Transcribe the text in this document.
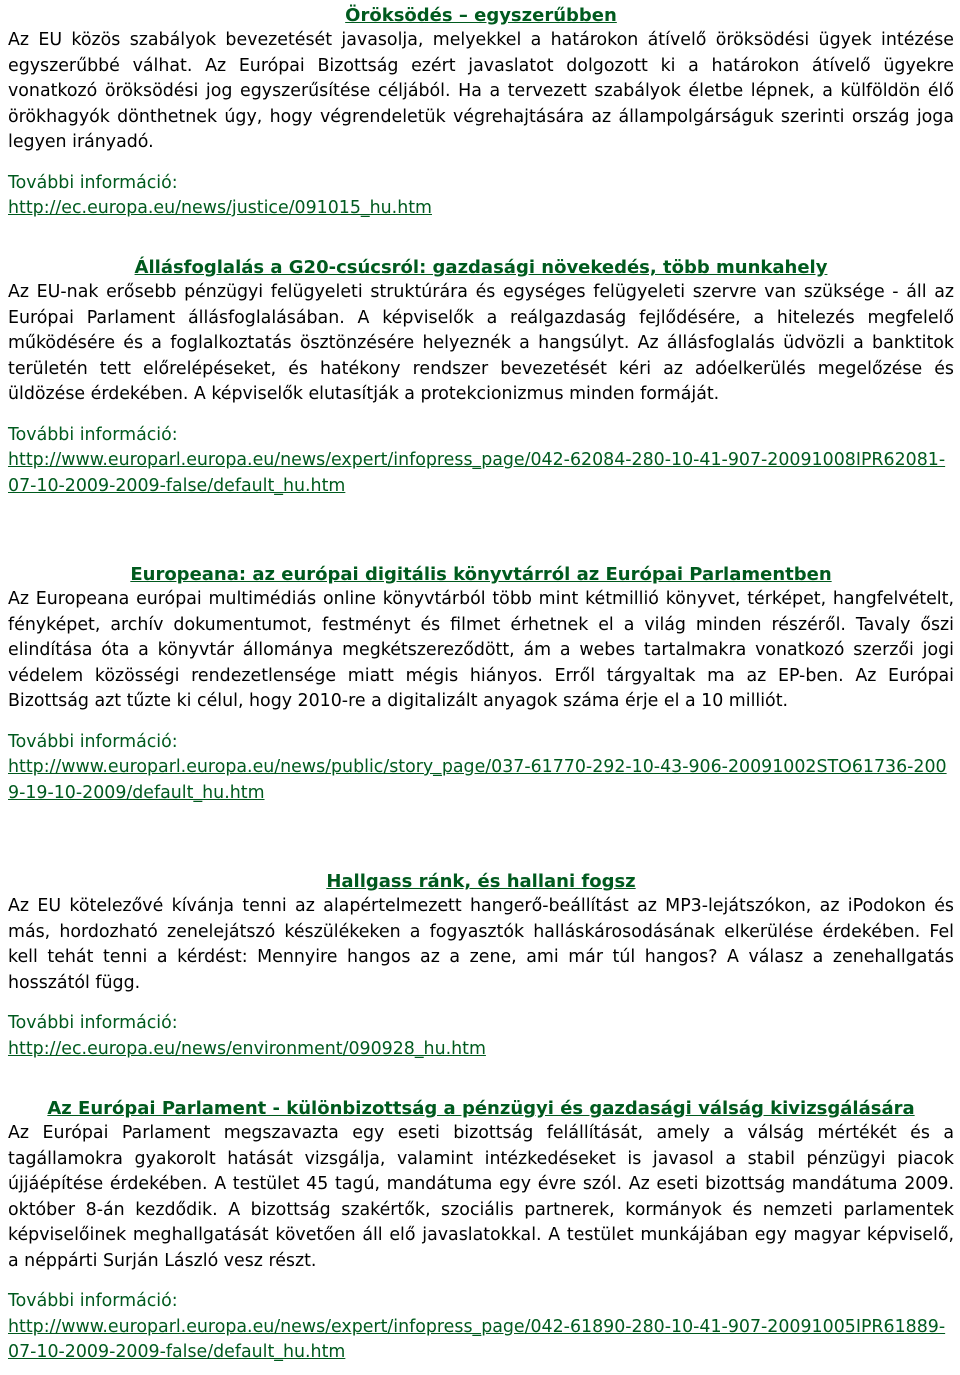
Öröksödés – egyszerűbben
Az EU közös szabályok bevezetését javasolja, melyekkel a határokon átívelő öröksödési ügyek intézése egyszerűbbé válhat. Az Európai Bizottság ezért javaslatot dolgozott ki a határokon átívelő ügyekre vonatkozó öröksödési jog egyszerűsítése céljából. Ha a tervezett szabályok életbe lépnek, a külföldön élő örökhagyók dönthetnek úgy, hogy végrendeletük végrehajtására az állampolgárságuk szerinti ország joga legyen irányadó.
További információ:
http://ec.europa.eu/news/justice/091015_hu.htm
Állásfoglalás a G20-csúcsról: gazdasági növekedés, több munkahely
Az EU-nak erősebb pénzügyi felügyeleti struktúrára és egységes felügyeleti szervre van szüksége - áll az Európai Parlament állásfoglalásában. A képviselők a reálgazdaság fejlődésére, a hitelezés megfelelő működésére és a foglalkoztatás ösztönzésére helyeznék a hangsúlyt. Az állásfoglalás üdvözli a banktitok területén tett előrelépéseket, és hatékony rendszer bevezetését kéri az adóelkerülés megelőzése és üldözése érdekében. A képviselők elutasítják a protekcionizmus minden formáját.
További információ:
http://www.europarl.europa.eu/news/expert/infopress_page/042-62084-280-10-41-907-20091008IPR62081-07-10-2009-2009-false/default_hu.htm
Europeana: az európai digitális könyvtárról az Európai Parlamentben
Az Europeana európai multimédiás online könyvtárból több mint kétmillió könyvet, térképet, hangfelvételt, fényképet, archív dokumentumot, festményt és filmet érhetnek el a világ minden részéről. Tavaly őszi elindítása óta a könyvtár állománya megkétszereződött, ám a webes tartalmakra vonatkozó szerzői jogi védelem közösségi rendezetlensége miatt mégis hiányos. Erről tárgyaltak ma az EP-ben. Az Európai Bizottság azt tűzte ki célul, hogy 2010-re a digitalizált anyagok száma érje el a 10 milliót.
További információ:
http://www.europarl.europa.eu/news/public/story_page/037-61770-292-10-43-906-20091002STO61736-2009-19-10-2009/default_hu.htm
Hallgass ránk, és hallani fogsz
Az EU kötelezővé kívánja tenni az alapértelmezett hangerő-beállítást az MP3-lejátszókon, az iPodokon és más, hordozható zenelejátszó készülékeken a fogyasztók halláskárosodásának elkerülése érdekében. Fel kell tehát tenni a kérdést: Mennyire hangos az a zene, ami már túl hangos? A válasz a zenehallgatás hosszától függ.
További információ:
http://ec.europa.eu/news/environment/090928_hu.htm
Az Európai Parlament - különbizottság a pénzügyi és gazdasági válság kivizsgálására
Az Európai Parlament megszavazta egy eseti bizottság felállítását, amely a válság mértékét és a tagállamokra gyakorolt hatását vizsgálja, valamint intézkedéseket is javasol a stabil pénzügyi piacok újjáépítése érdekében. A testület 45 tagú, mandátuma egy évre szól. Az eseti bizottság mandátuma 2009. október 8-án kezdődik. A bizottság szakértők, szociális partnerek, kormányok és nemzeti parlamentek képviselőinek meghallgatását követően áll elő javaslatokkal. A testület munkájában egy magyar képviselő, a néppárti Surján László vesz részt.
További információ:
http://www.europarl.europa.eu/news/expert/infopress_page/042-61890-280-10-41-907-20091005IPR61889-07-10-2009-2009-false/default_hu.htm
